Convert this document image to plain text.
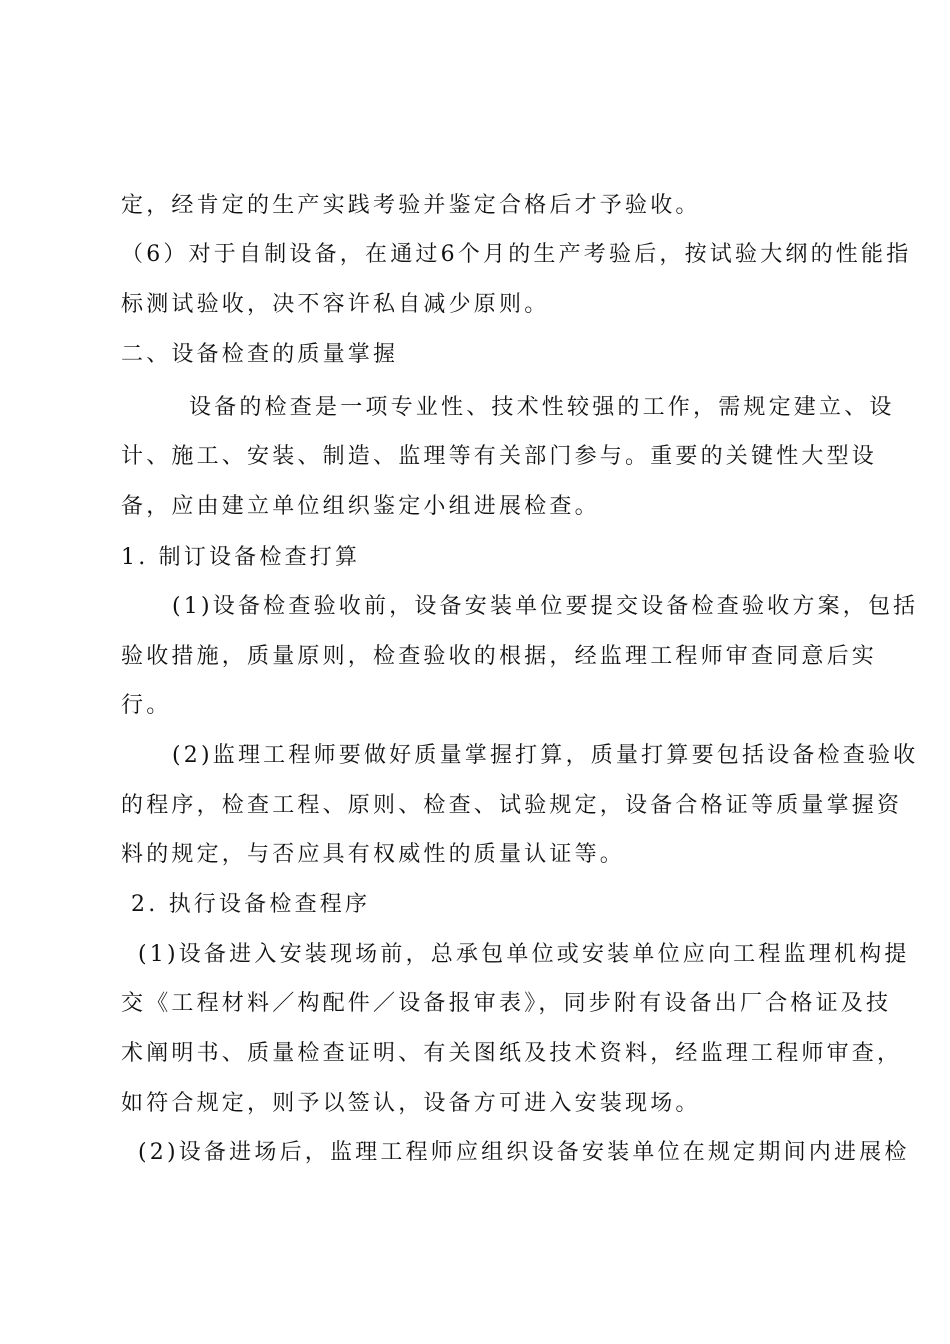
定，经肯定的生产实践考验并鉴定合格后才予验收。
（6）对于自制设备，在通过6个月的生产考验后，按试验大纲的性能指
标测试验收，决不容许私自减少原则。
二、设备检查的质量掌握
设备的检查是一项专业性、技术性较强的工作，需规定建立、设
计、施工、安装、制造、监理等有关部门参与。重要的关键性大型设
备，应由建立单位组织鉴定小组进展检查。
1. 制订设备检查打算
(1)设备检查验收前，设备安装单位要提交设备检查验收方案，包括
验收措施，质量原则，检查验收的根据，经监理工程师审查同意后实
行。
(2)监理工程师要做好质量掌握打算，质量打算要包括设备检查验收
的程序，检查工程、原则、检查、试验规定，设备合格证等质量掌握资
料的规定，与否应具有权威性的质量认证等。
2. 执行设备检查程序
(1)设备进入安装现场前，总承包单位或安装单位应向工程监理机构提
交《工程材料／构配件／设备报审表》，同步附有设备出厂合格证及技
术阐明书、质量检查证明、有关图纸及技术资料，经监理工程师审查，
如符合规定，则予以签认，设备方可进入安装现场。
(2)设备进场后，监理工程师应组织设备安装单位在规定期间内进展检
